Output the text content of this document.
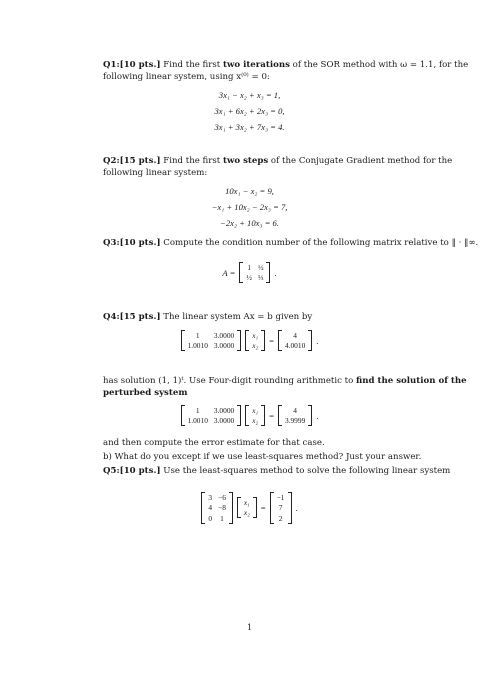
Q1:[10 pts.] Find the first two iterations of the SOR method with ω = 1.1, for the
following linear system, using x⁽⁰⁾ = 0:
3x₁ − x₂ + x₃ = 1,
3x₁ + 6x₂ + 2x₃ = 0,
3x₁ + 3x₂ + 7x₃ = 4.
Q2:[15 pts.] Find the first two steps of the Conjugate Gradient method for the
following linear system:
10x₁ − x₂ = 9,
−x₁ + 10x₂ − 2x₃ = 7,
−2x₂ + 10x₃ = 6.
Q3:[10 pts.] Compute the condition number of the following matrix relative to ‖ · ‖∞.
A =
1	½
½	⅓ .
Q4:[15 pts.] The linear system Ax = b given by
1	3.0000
1.0010	3.0000
x₁
x₂ =
4
4.0010 .
has solution (1, 1)ᵗ. Use Four-digit rounding arithmetic to find the solution of the
perturbed system
1	3.0000
1.0010	3.0000
x₁
x₂ =
4
3.9999 .
and then compute the error estimate for that case.
b) What do you except if we use least-squares method? Just your answer.
Q5:[10 pts.] Use the least-squares method to solve the following linear system
3	−6
4	−8
0	1
x₁
x₂ =
−1
7
2
.
1
